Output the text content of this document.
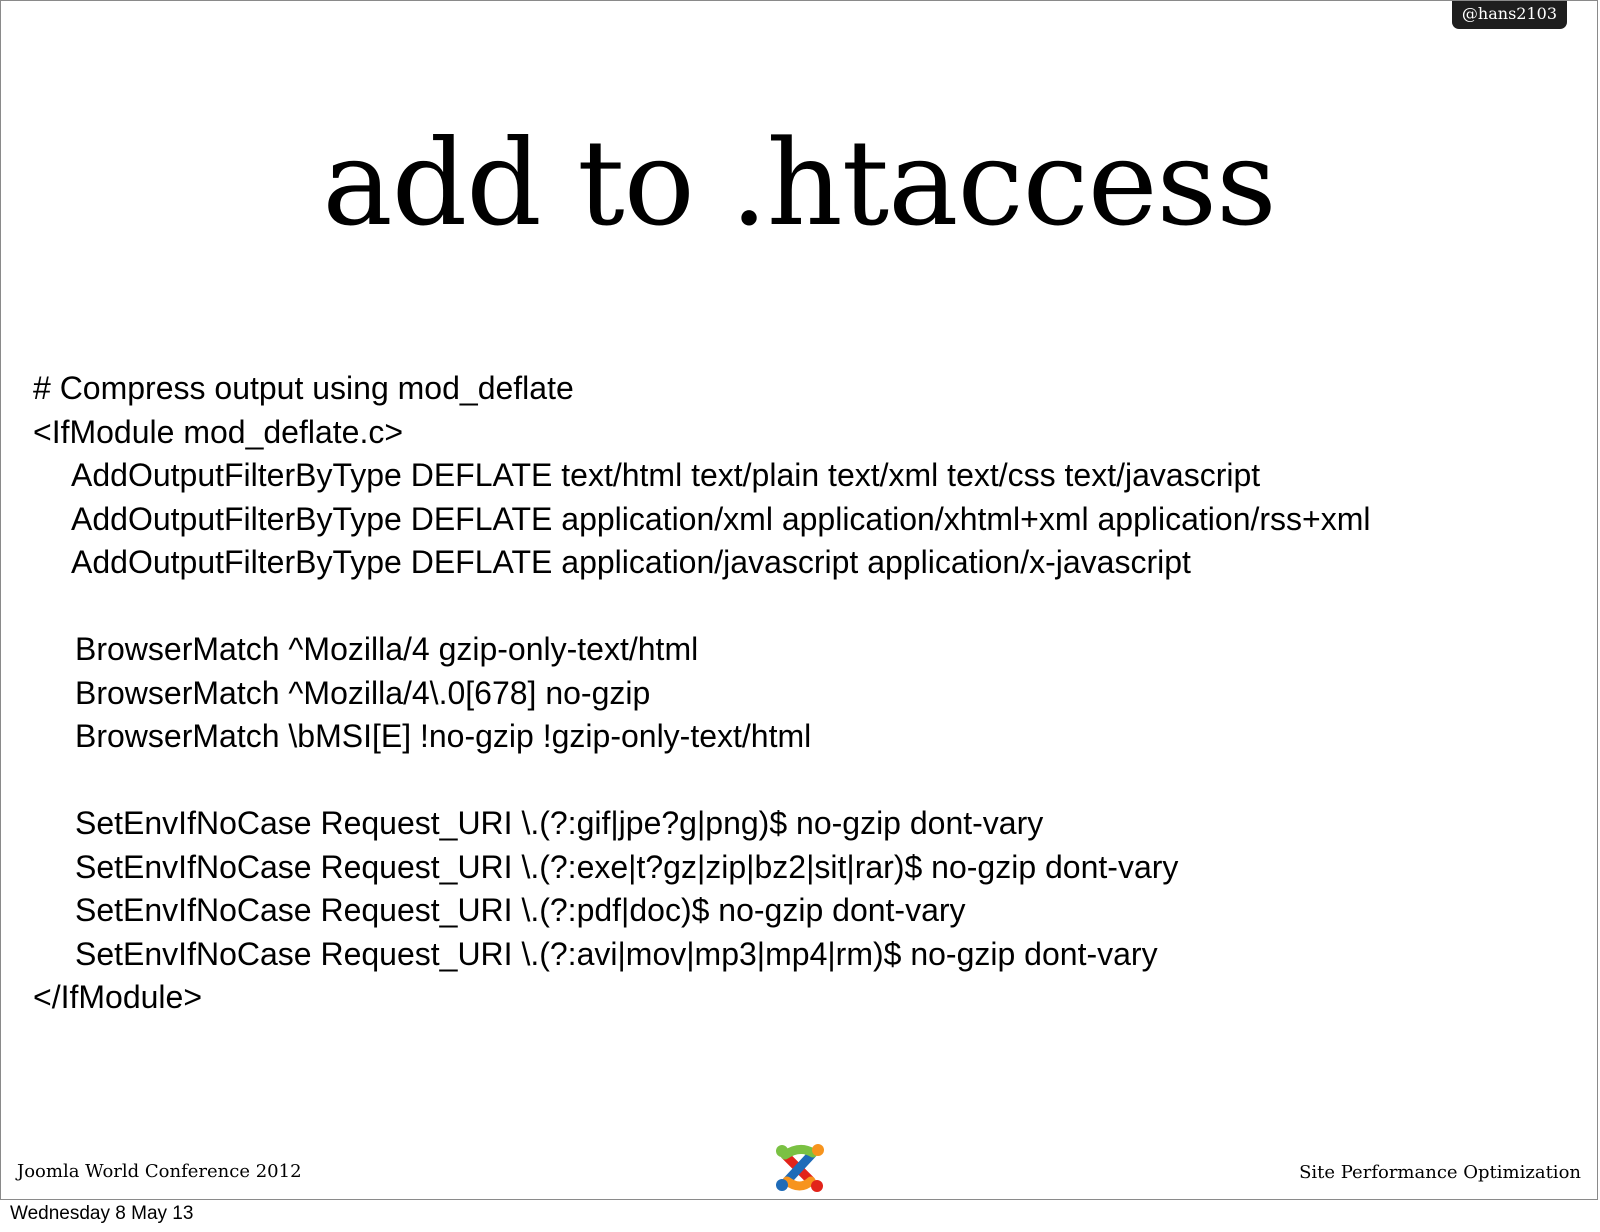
@hans2103
add to .htaccess
# Compress output using mod_deflate
<IfModule mod_deflate.c>
AddOutputFilterByType DEFLATE text/html text/plain text/xml text/css text/javascript
AddOutputFilterByType DEFLATE application/xml application/xhtml+xml application/rss+xml
AddOutputFilterByType DEFLATE application/javascript application/x-javascript
BrowserMatch ^Mozilla/4 gzip-only-text/html
BrowserMatch ^Mozilla/4\.0[678] no-gzip
BrowserMatch \bMSI[E] !no-gzip !gzip-only-text/html
SetEnvIfNoCase Request_URI \.(?:gif|jpe?g|png)$ no-gzip dont-vary
SetEnvIfNoCase Request_URI \.(?:exe|t?gz|zip|bz2|sit|rar)$ no-gzip dont-vary
SetEnvIfNoCase Request_URI \.(?:pdf|doc)$ no-gzip dont-vary
SetEnvIfNoCase Request_URI \.(?:avi|mov|mp3|mp4|rm)$ no-gzip dont-vary
</IfModule>
Joomla World Conference 2012	Site Performance Optimization
Wednesday 8 May 13
